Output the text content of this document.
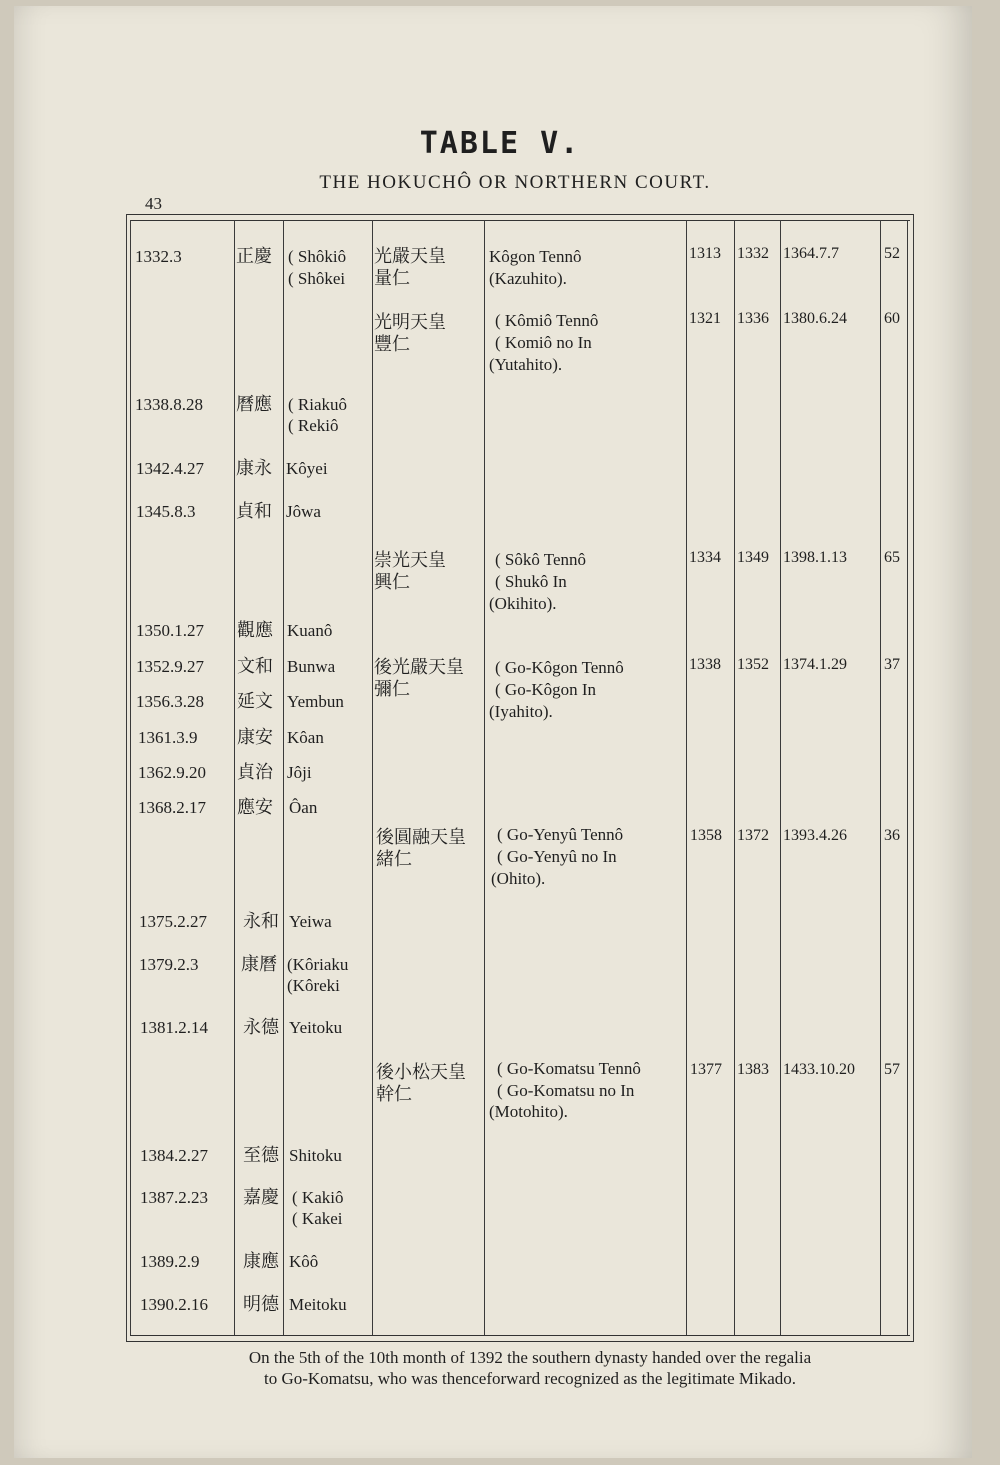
TABLE V.
THE HOKUCHÔ OR NORTHERN COURT.
43
1332.3	正慶 ( Shôkiô
( Shôkei
1338.8.28 曆應 ( Riakuô
( Rekiô
1342.4.27 康永 Kôyei
1345.8.3 貞和 Jôwa
1350.1.27 觀應 Kuanô
1352.9.27 文和 Bunwa
1356.3.28 延文 Yembun
1361.3.9 康安 Kôan
1362.9.20 貞治 Jôji
1368.2.17 應安 Ôan
1375.2.27 永和 Yeiwa
1379.2.3 康曆 (Kôriaku
(Kôreki
1381.2.14 永德 Yeitoku
1384.2.27 至德 Shitoku
1387.2.23 嘉慶 ( Kakiô
( Kakei
1389.2.9 康應 Kôô
1390.2.16 明德 Meitoku
光嚴天皇
量仁
Kôgon Tennô
(Kazuhito).
1313 1332 1364.7.7	52
光明天皇
豐仁
( Kômiô Tennô
( Komiô no In
(Yutahito).
1321 1336 1380.6.24 60
崇光天皇
興仁
( Sôkô Tennô
( Shukô In
(Okihito).
1334 1349 1398.1.13 65
後光嚴天皇
彌仁
( Go-Kôgon Tennô
( Go-Kôgon In
(Iyahito).
1338 1352 1374.1.29 37
後圓融天皇
緒仁
( Go-Yenyû Tennô
( Go-Yenyû no In
(Ohito).
1358 1372 1393.4.26 36
後小松天皇
幹仁
( Go-Komatsu Tennô
( Go-Komatsu no In
(Motohito).
1377 1383 1433.10.20 57
On the 5th of the 10th month of 1392 the southern dynasty handed over the regalia
to Go-Komatsu, who was thenceforward recognized as the legitimate Mikado.
